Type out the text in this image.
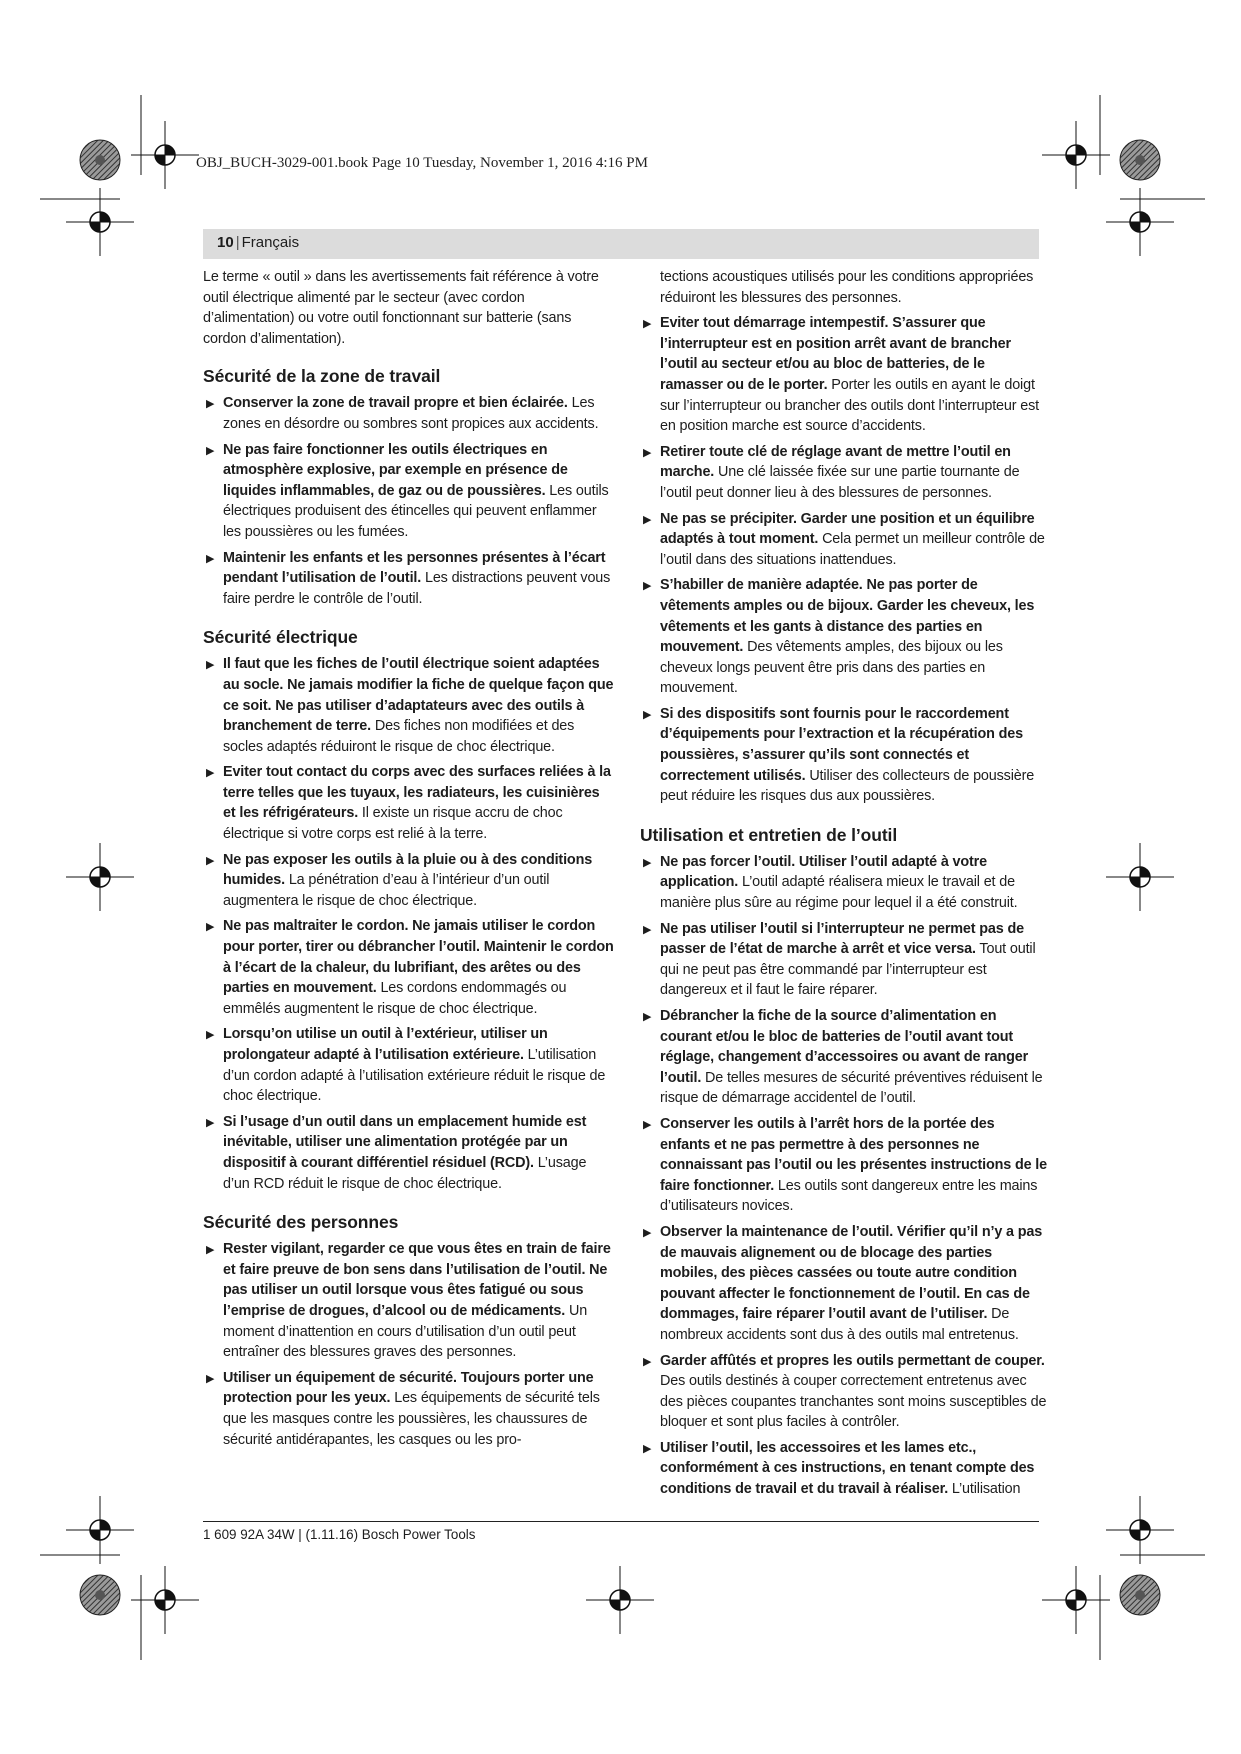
OBJ_BUCH-3029-001.book Page 10 Tuesday, November 1, 2016 4:16 PM
10 | Français

Le terme « outil » dans les avertissements fait référence à votre outil électrique alimenté par le secteur (avec cordon d’alimentation) ou votre outil fonctionnant sur batterie (sans cordon d’alimentation).

Sécurité de la zone de travail
▶ Conserver la zone de travail propre et bien éclairée. Les zones en désordre ou sombres sont propices aux accidents.
▶ Ne pas faire fonctionner les outils électriques en atmosphère explosive, par exemple en présence de liquides inflammables, de gaz ou de poussières. Les outils électriques produisent des étincelles qui peuvent enflammer les poussières ou les fumées.
▶ Maintenir les enfants et les personnes présentes à l’écart pendant l’utilisation de l’outil. Les distractions peuvent vous faire perdre le contrôle de l’outil.
Sécurité électrique
▶ Il faut que les fiches de l’outil électrique soient adaptées au socle. Ne jamais modifier la fiche de quelque façon que ce soit. Ne pas utiliser d’adaptateurs avec des outils à branchement de terre. Des fiches non modifiées et des socles adaptés réduiront le risque de choc électrique.
▶ Eviter tout contact du corps avec des surfaces reliées à la terre telles que les tuyaux, les radiateurs, les cuisinières et les réfrigérateurs. Il existe un risque accru de choc électrique si votre corps est relié à la terre.
▶ Ne pas exposer les outils à la pluie ou à des conditions humides. La pénétration d’eau à l’intérieur d’un outil augmentera le risque de choc électrique.
▶ Ne pas maltraiter le cordon. Ne jamais utiliser le cordon pour porter, tirer ou débrancher l’outil. Maintenir le cordon à l’écart de la chaleur, du lubrifiant, des arêtes ou des parties en mouvement. Les cordons endommagés ou emmêlés augmentent le risque de choc électrique.
▶ Lorsqu’on utilise un outil à l’extérieur, utiliser un prolongateur adapté à l’utilisation extérieure. L’utilisation d’un cordon adapté à l’utilisation extérieure réduit le risque de choc électrique.
▶ Si l’usage d’un outil dans un emplacement humide est inévitable, utiliser une alimentation protégée par un dispositif à courant différentiel résiduel (RCD). L’usage d’un RCD réduit le risque de choc électrique.
Sécurité des personnes
▶ Rester vigilant, regarder ce que vous êtes en train de faire et faire preuve de bon sens dans l’utilisation de l’outil. Ne pas utiliser un outil lorsque vous êtes fatigué ou sous l’emprise de drogues, d’alcool ou de médicaments. Un moment d’inattention en cours d’utilisation d’un outil peut entraîner des blessures graves des personnes.
▶ Utiliser un équipement de sécurité. Toujours porter une protection pour les yeux. Les équipements de sécurité tels que les masques contre les poussières, les chaussures de sécurité antidérapantes, les casques ou les pro-
tections acoustiques utilisés pour les conditions appropriées réduiront les blessures des personnes.
▶ Eviter tout démarrage intempestif. S’assurer que l’interrupteur est en position arrêt avant de brancher l’outil au secteur et/ou au bloc de batteries, de le ramasser ou de le porter. Porter les outils en ayant le doigt sur l’interrupteur ou brancher des outils dont l’interrupteur est en position marche est source d’accidents.
▶ Retirer toute clé de réglage avant de mettre l’outil en marche. Une clé laissée fixée sur une partie tournante de l’outil peut donner lieu à des blessures de personnes.
▶ Ne pas se précipiter. Garder une position et un équilibre adaptés à tout moment. Cela permet un meilleur contrôle de l’outil dans des situations inattendues.
▶ S’habiller de manière adaptée. Ne pas porter de vêtements amples ou de bijoux. Garder les cheveux, les vêtements et les gants à distance des parties en mouvement. Des vêtements amples, des bijoux ou les cheveux longs peuvent être pris dans des parties en mouvement.
▶ Si des dispositifs sont fournis pour le raccordement d’équipements pour l’extraction et la récupération des poussières, s’assurer qu’ils sont connectés et correctement utilisés. Utiliser des collecteurs de poussière peut réduire les risques dus aux poussières.
Utilisation et entretien de l’outil
▶ Ne pas forcer l’outil. Utiliser l’outil adapté à votre application. L’outil adapté réalisera mieux le travail et de manière plus sûre au régime pour lequel il a été construit.
▶ Ne pas utiliser l’outil si l’interrupteur ne permet pas de passer de l’état de marche à arrêt et vice versa. Tout outil qui ne peut pas être commandé par l’interrupteur est dangereux et il faut le faire réparer.
▶ Débrancher la fiche de la source d’alimentation en courant et/ou le bloc de batteries de l’outil avant tout réglage, changement d’accessoires ou avant de ranger l’outil. De telles mesures de sécurité préventives réduisent le risque de démarrage accidentel de l’outil.
▶ Conserver les outils à l’arrêt hors de la portée des enfants et ne pas permettre à des personnes ne connaissant pas l’outil ou les présentes instructions de le faire fonctionner. Les outils sont dangereux entre les mains d’utilisateurs novices.
▶ Observer la maintenance de l’outil. Vérifier qu’il n’y a pas de mauvais alignement ou de blocage des parties mobiles, des pièces cassées ou toute autre condition pouvant affecter le fonctionnement de l’outil. En cas de dommages, faire réparer l’outil avant de l’utiliser. De nombreux accidents sont dus à des outils mal entretenus.
▶ Garder affûtés et propres les outils permettant de couper. Des outils destinés à couper correctement entretenus avec des pièces coupantes tranchantes sont moins susceptibles de bloquer et sont plus faciles à contrôler.
▶ Utiliser l’outil, les accessoires et les lames etc., conformément à ces instructions, en tenant compte des conditions de travail et du travail à réaliser. L’utilisation
1 609 92A 34W | (1.11.16) Bosch Power Tools
